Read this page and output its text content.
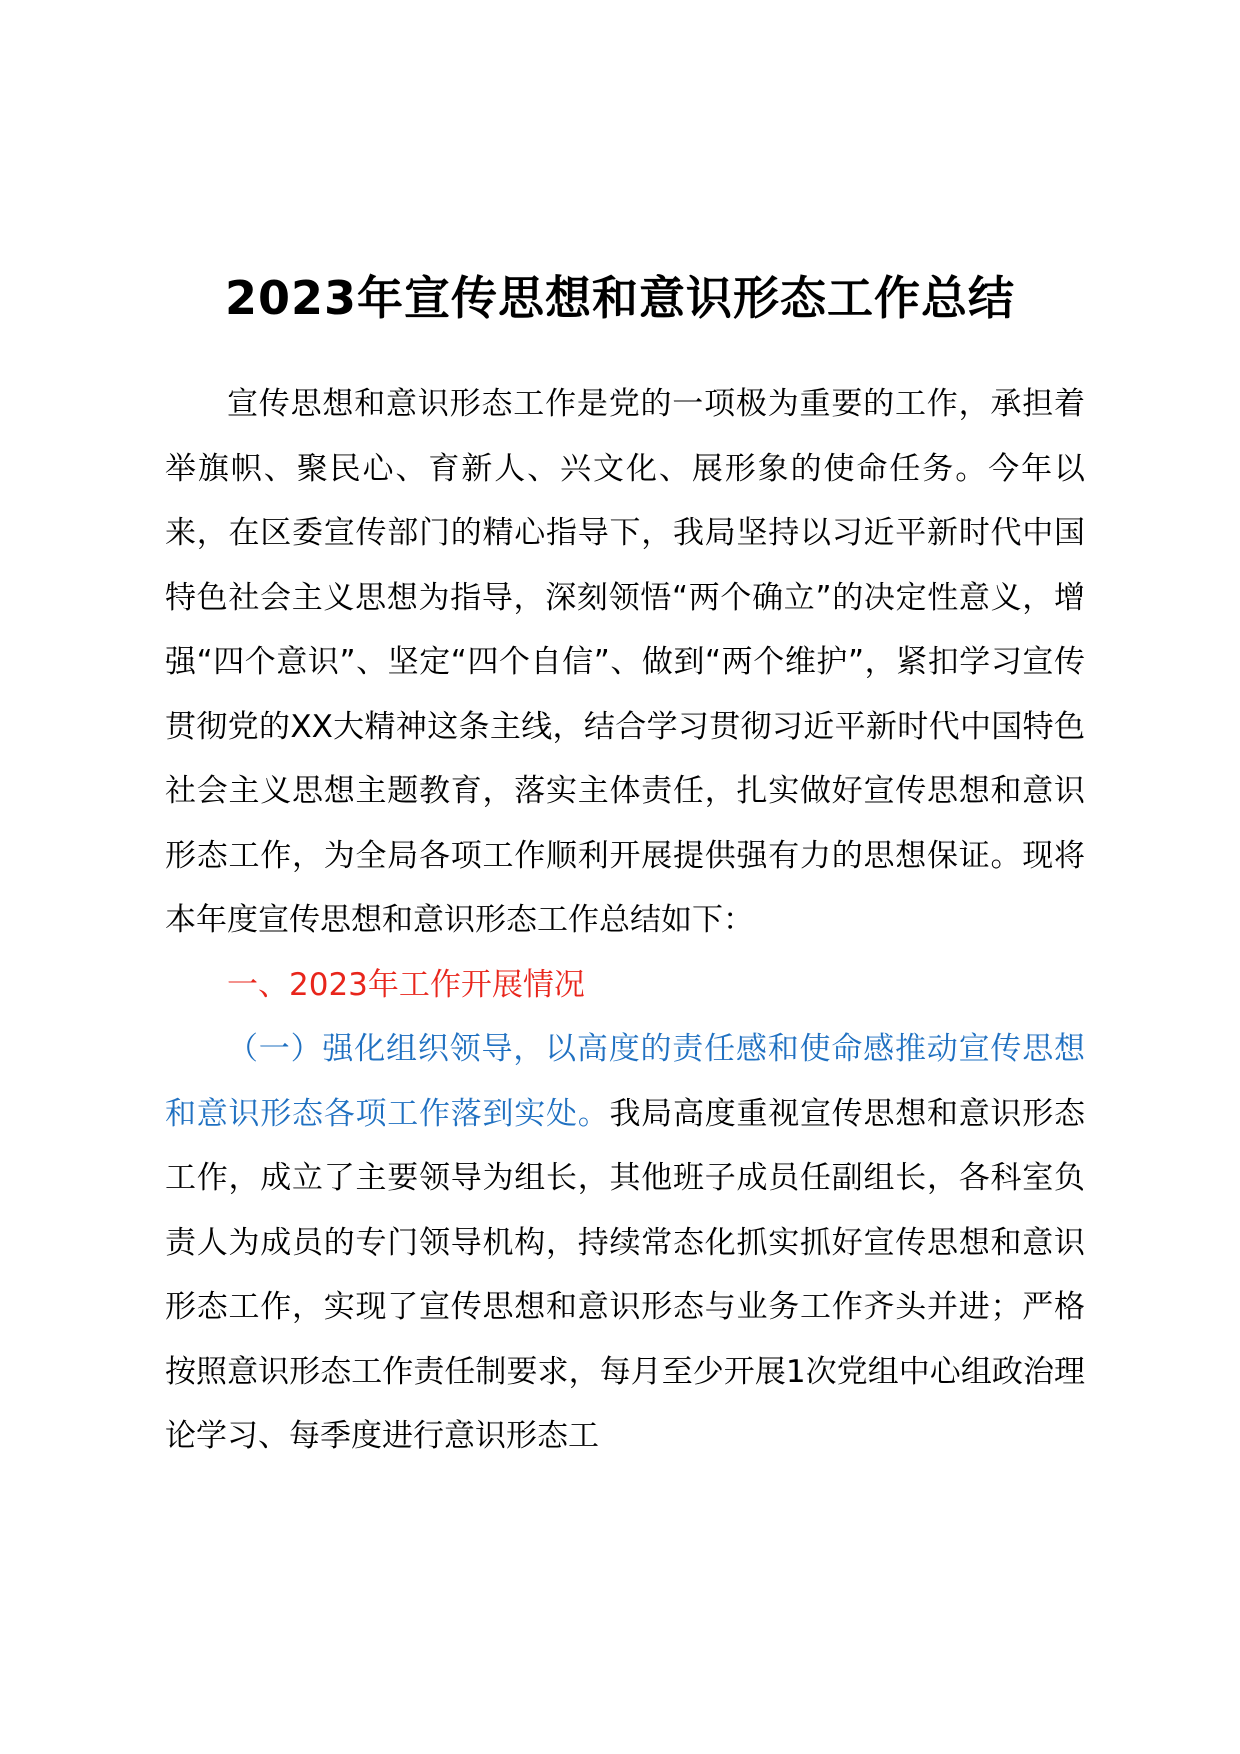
2023年宣传思想和意识形态工作总结

宣传思想和意识形态工作是党的一项极为重要的工作，承担着举旗帜、聚民心、育新人、兴文化、展形象的使命任务。今年以来，在区委宣传部门的精心指导下，我局坚持以习近平新时代中国特色社会主义思想为指导，深刻领悟“两个确立”的决定性意义，增强“四个意识”、坚定“四个自信”、做到“两个维护”，紧扣学习宣传贯彻党的XX大精神这条主线，结合学习贯彻习近平新时代中国特色社会主义思想主题教育，落实主体责任，扎实做好宣传思想和意识形态工作，为全局各项工作顺利开展提供强有力的思想保证。现将本年度宣传思想和意识形态工作总结如下：

一、2023年工作开展情况

（一）强化组织领导，以高度的责任感和使命感推动宣传思想和意识形态各项工作落到实处。我局高度重视宣传思想和意识形态工作，成立了主要领导为组长，其他班子成员任副组长，各科室负责人为成员的专门领导机构，持续常态化抓实抓好宣传思想和意识形态工作，实现了宣传思想和意识形态与业务工作齐头并进；严格按照意识形态工作责任制要求，每月至少开展1次党组中心组政治理论学习、每季度进行意识形态工
